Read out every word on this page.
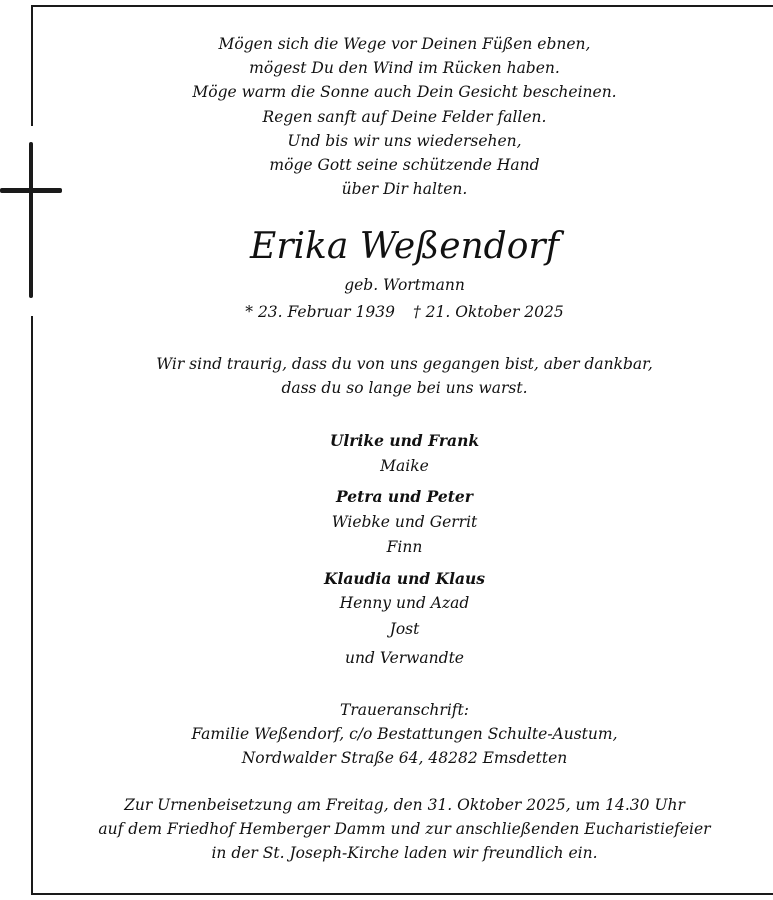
Mögen sich die Wege vor Deinen Füßen ebnen,
mögest Du den Wind im Rücken haben.
Möge warm die Sonne auch Dein Gesicht bescheinen.
Regen sanft auf Deine Felder fallen.
Und bis wir uns wiedersehen,
möge Gott seine schützende Hand
über Dir halten.
Erika Weßendorf
geb. Wortmann
* 23. Februar 1939 † 21. Oktober 2025
Wir sind traurig, dass du von uns gegangen bist, aber dankbar,
dass du so lange bei uns warst.
Ulrike und Frank
Maike
Petra und Peter
Wiebke und Gerrit
Finn
Klaudia und Klaus
Henny und Azad
Jost
und Verwandte
Traueranschrift:
Familie Weßendorf, c/o Bestattungen Schulte-Austum,
Nordwalder Straße 64, 48282 Emsdetten
Zur Urnenbeisetzung am Freitag, den 31. Oktober 2025, um 14.30 Uhr
auf dem Friedhof Hemberger Damm und zur anschließenden Eucharistiefeier
in der St. Joseph-Kirche laden wir freundlich ein.
